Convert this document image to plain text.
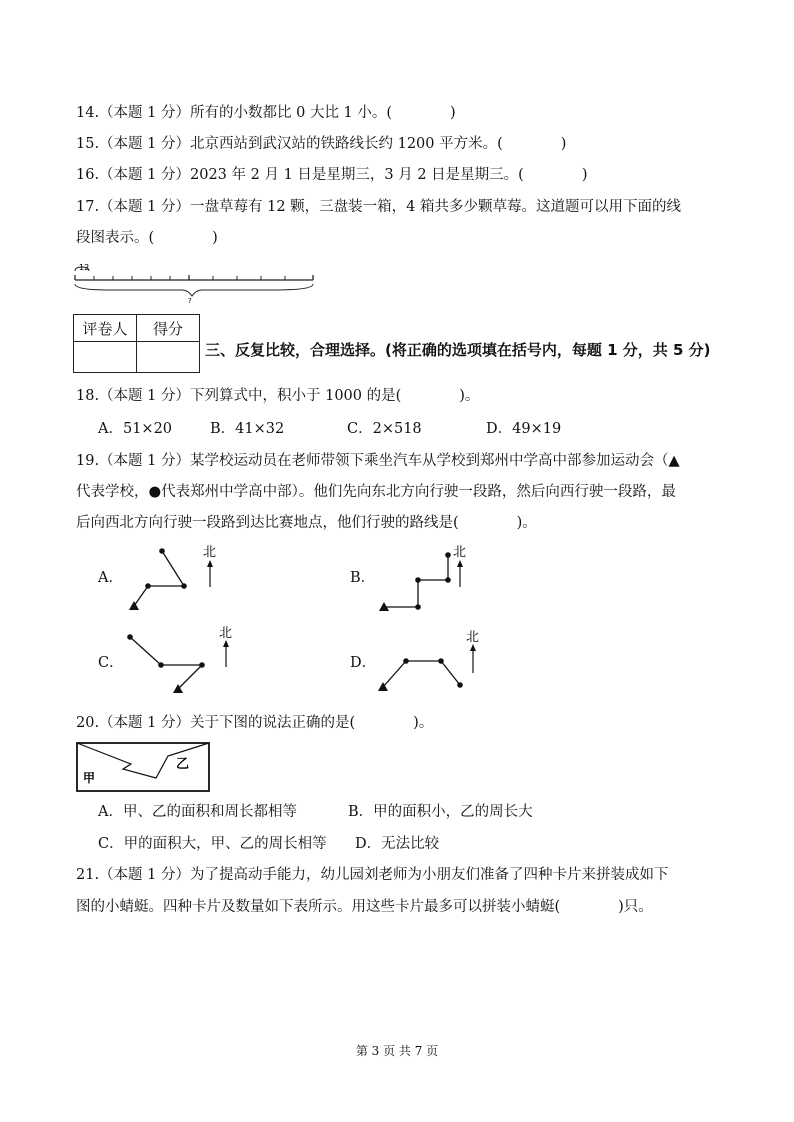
14.（本题 1 分）所有的小数都比 0 大比 1 小。(　　　　)
15.（本题 1 分）北京西站到武汉站的铁路线长约 1200 平方米。(　　　　)
16.（本题 1 分）2023 年 2 月 1 日是星期三，3 月 2 日是星期三。(　　　　)
17.（本题 1 分）一盘草莓有 12 颗，三盘装一箱，4 箱共多少颗草莓。这道题可以用下面的线
段图表示。(　　　　)
12
?
评卷人	得分

三、反复比较，合理选择。(将正确的选项填在括号内，每题 1 分，共 5 分)
18.（本题 1 分）下列算式中，积小于 1000 的是(　　　　)。
A．51×20	B．41×32	C．2×518	D．49×19
19.（本题 1 分）某学校运动员在老师带领下乘坐汽车从学校到郑州中学高中部参加运动会（▲
代表学校，●代表郑州中学高中部）。他们先向东北方向行驶一段路，然后向西行驶一段路，最
后向西北方向行驶一段路到达比赛地点，他们行驶的路线是(　　　　)。
A．	B．
C．	D．
北	北
北	北
20.（本题 1 分）关于下图的说法正确的是(　　　　)。
甲
乙
A．甲、乙的面积和周长都相等	B．甲的面积小，乙的周长大
C．甲的面积大，甲、乙的周长相等 D．无法比较
21.（本题 1 分）为了提高动手能力，幼儿园刘老师为小朋友们准备了四种卡片来拼装成如下
图的小蜻蜓。四种卡片及数量如下表所示。用这些卡片最多可以拼装小蜻蜓(　　　　)只。
第 3 页 共 7 页
